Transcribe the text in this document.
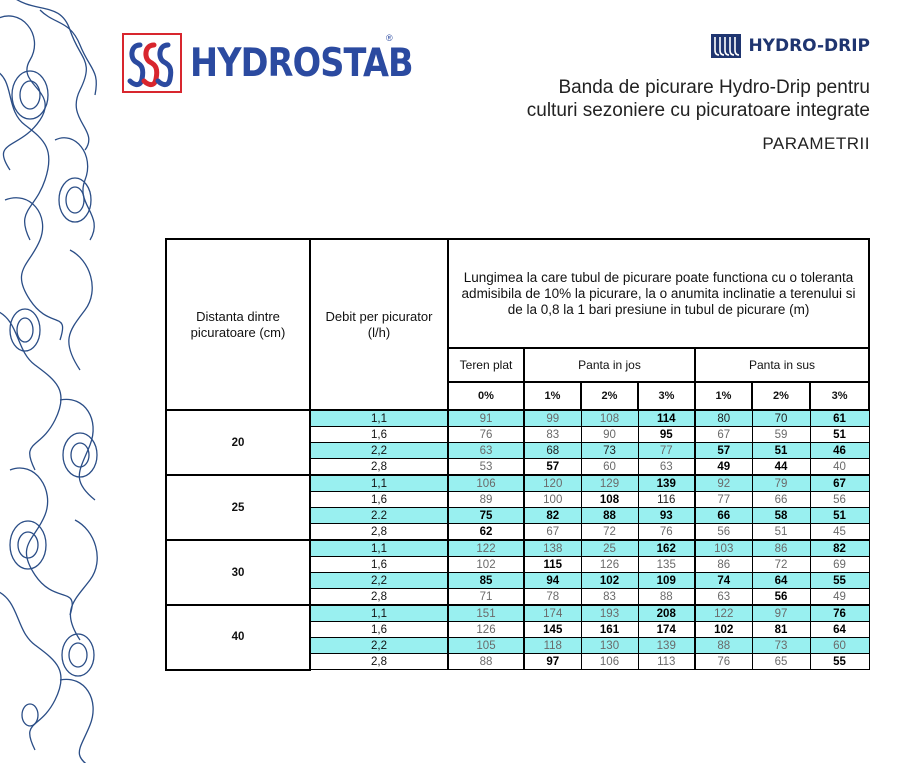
HYDROSTAB
®	HYDRO-DRIP
Banda de picurare Hydro-Drip pentru
culturi sezoniere cu picuratoare integrate
PARAMETRII
Distanta dintre picuratoare (cm)	Debit per picurator (l/h)	Lungimea la care tubul de picurare poate functiona cu o toleranta admisibila de 10% la picurare, la o anumita inclinatie a terenului si de la 0,8 la 1 bari presiune in tubul de picurare (m)						
		Teren plat	Panta in jos			Panta in sus		
		0%	1%	2%	3%	1%	2%	3%
20	1,1	91	99	108	114	80	70	61
	1,6	76	83	90	95	67	59	51
	2,2	63	68	73	77	57	51	46
	2,8	53	57	60	63	49	44	40
25	1,1	106	120	129	139	92	79	67
	1,6	89	100	108	116	77	66	56
	2.2	75	82	88	93	66	58	51
	2,8	62	67	72	76	56	51	45
30	1,1	122	138	25	162	103	86	82
	1,6	102	115	126	135	86	72	69
	2,2	85	94	102	109	74	64	55
	2,8	71	78	83	88	63	56	49
40	1,1	151	174	193	208	122	97	76
	1,6	126	145	161	174	102	81	64
	2,2	105	118	130	139	88	73	60
	2,8	88	97	106	113	76	65	55
